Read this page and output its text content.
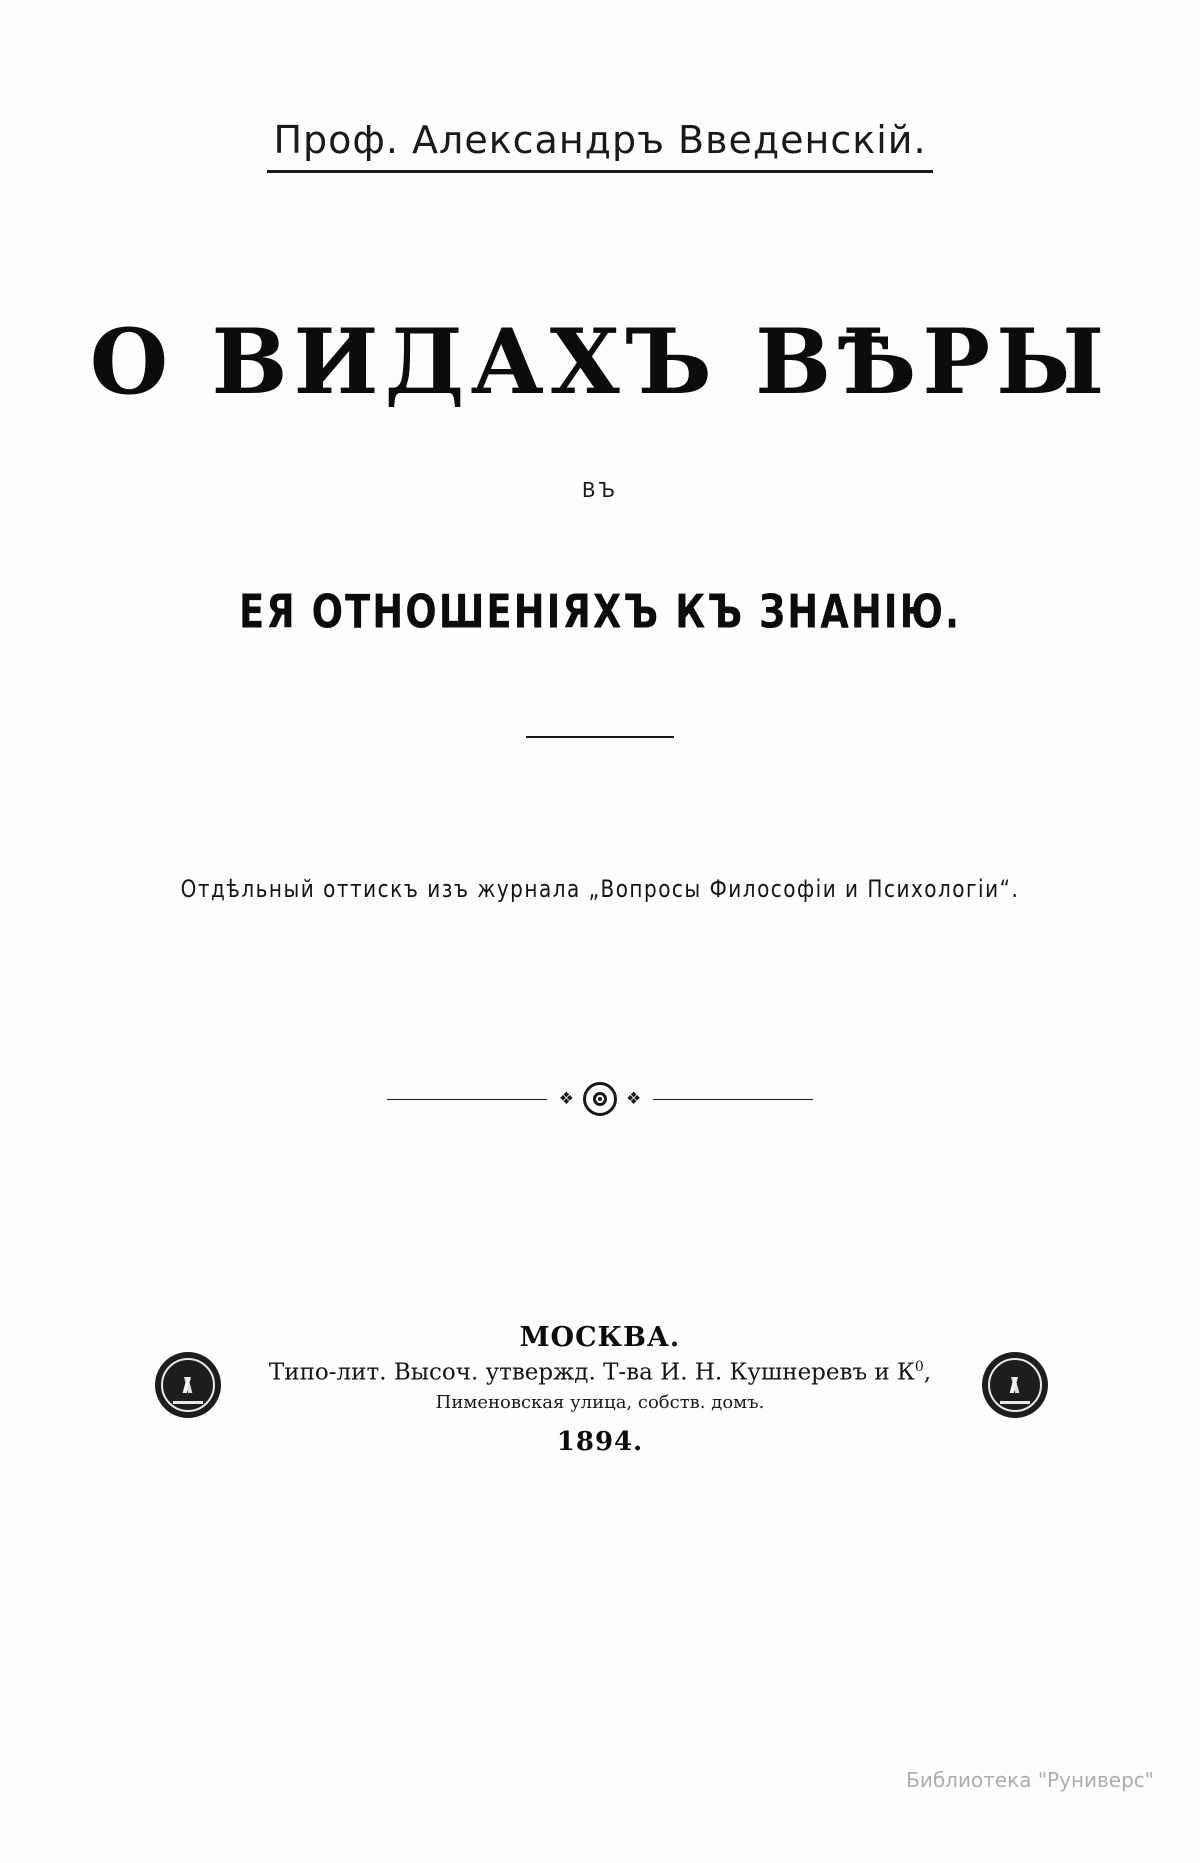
Проф. Александръ Введенскiй.
О ВИДАХЪ ВѢРЫ
ВЪ
ЕЯ ОТНОШЕНIЯХЪ КЪ ЗНАНIЮ.
Отдѣльный оттискъ изъ журнала „Вопросы Философiи и Психологiи“.
❖	❖
МОСКВА.
Типо-лит. Высоч. утвержд. Т-ва И. Н. Кушнеревъ и $К^0$,
Пименовская улица, собств. домъ.
1894.
Библиотека "Руниверс"
